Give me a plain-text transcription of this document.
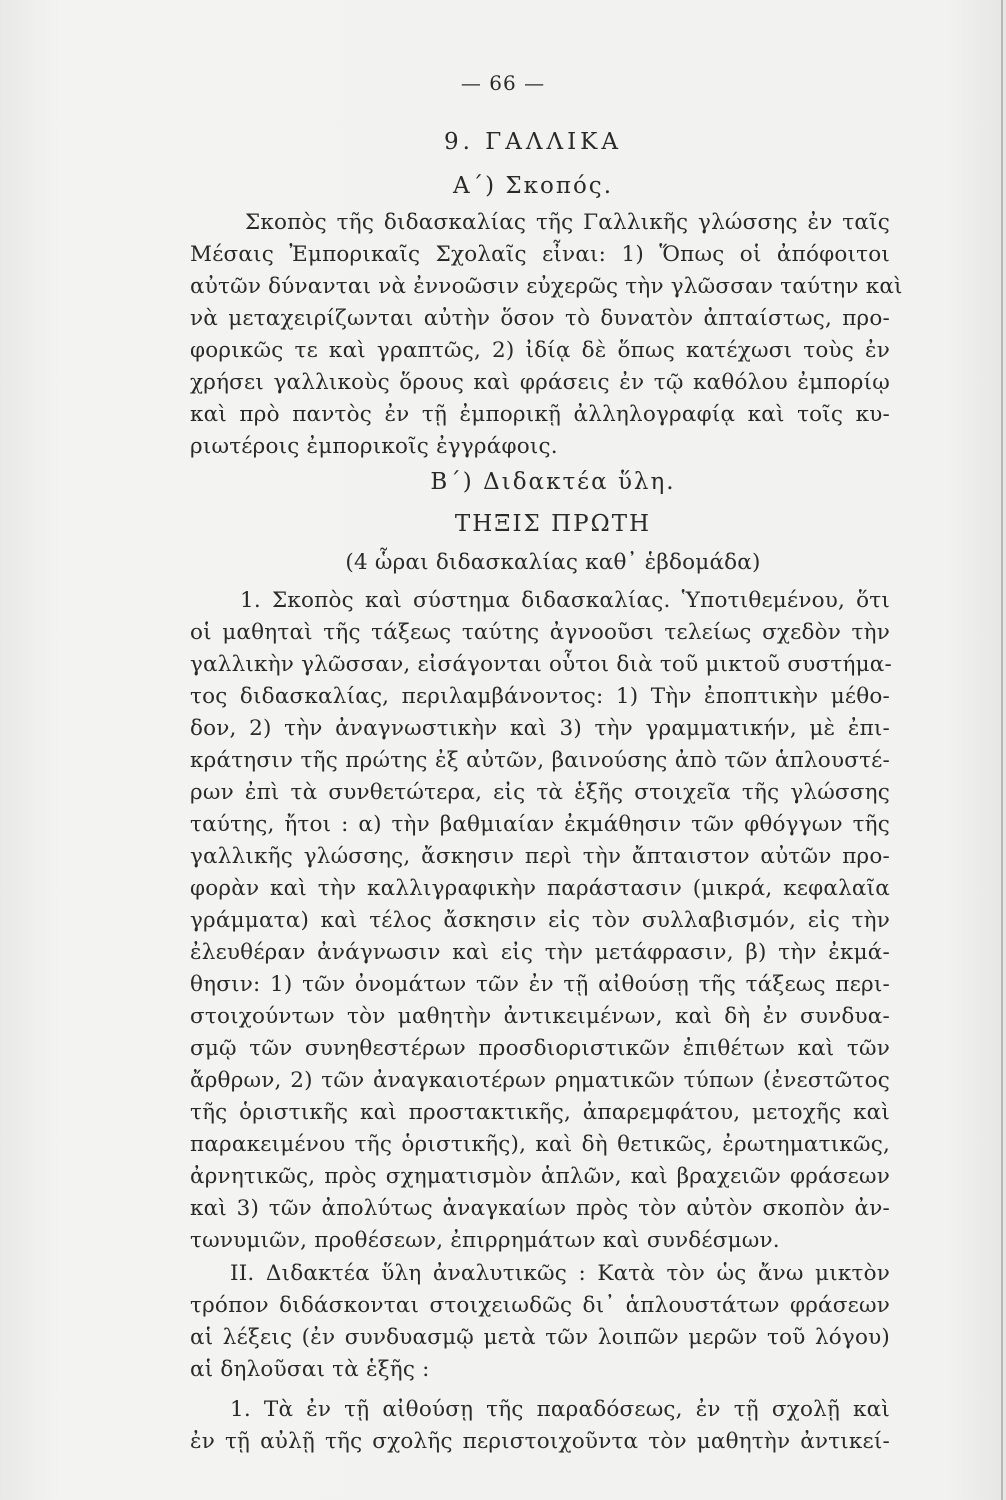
— 66 —

9. ΓΑΛΛΙΚΑ

Α΄) Σκοπός.

Σκοπὸς τῆς διδασκαλίας τῆς Γαλλικῆς γλώσσης ἐν ταῖς

Μέσαις Ἐμπορικαῖς Σχολαῖς εἶναι: 1) Ὅπως οἱ ἀπόφοιτοι

αὐτῶν δύνανται νὰ ἐννοῶσιν εὐχερῶς τὴν γλῶσσαν ταύτην καὶ

νὰ μεταχειρίζωνται αὐτὴν ὅσον τὸ δυνατὸν ἀπταίστως, προ-

φορικῶς τε καὶ γραπτῶς, 2) ἰδίᾳ δὲ ὅπως κατέχωσι τοὺς ἐν

χρήσει γαλλικοὺς ὅρους καὶ φράσεις ἐν τῷ καθόλου ἐμπορίῳ

καὶ πρὸ παντὸς ἐν τῇ ἐμπορικῇ ἀλληλογραφίᾳ καὶ τοῖς κυ-

ριωτέροις ἐμπορικοῖς ἐγγράφοις.

Β΄) Διδακτέα ὕλη.

ΤΗΞΙΣ ΠΡΩΤΗ

(4 ὧραι διδασκαλίας καθ᾽ ἑβδομάδα)

1. Σκοπὸς καὶ σύστημα διδασκαλίας. Ὑποτιθεμένου, ὅτι

οἱ μαθηταὶ τῆς τάξεως ταύτης ἀγνοοῦσι τελείως σχεδὸν τὴν

γαλλικὴν γλῶσσαν, εἰσάγονται οὗτοι διὰ τοῦ μικτοῦ συστήμα-

τος διδασκαλίας, περιλαμβάνοντος: 1) Τὴν ἐποπτικὴν μέθο-

δον, 2) τὴν ἀναγνωστικὴν καὶ 3) τὴν γραμματικήν, μὲ ἐπι-

κράτησιν τῆς πρώτης ἐξ αὐτῶν, βαινούσης ἀπὸ τῶν ἁπλουστέ-

ρων ἐπὶ τὰ συνθετώτερα, εἰς τὰ ἑξῆς στοιχεῖα τῆς γλώσσης

ταύτης, ἤτοι : α) τὴν βαθμιαίαν ἐκμάθησιν τῶν φθόγγων τῆς

γαλλικῆς γλώσσης, ἄσκησιν περὶ τὴν ἄπταιστον αὐτῶν προ-

φορὰν καὶ τὴν καλλιγραφικὴν παράστασιν (μικρά, κεφαλαῖα

γράμματα) καὶ τέλος ἄσκησιν εἰς τὸν συλλαβισμόν, εἰς τὴν

ἐλευθέραν ἀνάγνωσιν καὶ εἰς τὴν μετάφρασιν, β) τὴν ἐκμά-

θησιν: 1) τῶν ὀνομάτων τῶν ἐν τῇ αἰθούσῃ τῆς τάξεως περι-

στοιχούντων τὸν μαθητὴν ἀντικειμένων, καὶ δὴ ἐν συνδυα-

σμῷ τῶν συνηθεστέρων προσδιοριστικῶν ἐπιθέτων καὶ τῶν

ἄρθρων, 2) τῶν ἀναγκαιοτέρων ρηματικῶν τύπων (ἐνεστῶτος

τῆς ὁριστικῆς καὶ προστακτικῆς, ἀπαρεμφάτου, μετοχῆς καὶ

παρακειμένου τῆς ὁριστικῆς), καὶ δὴ θετικῶς, ἐρωτηματικῶς,

ἀρνητικῶς, πρὸς σχηματισμὸν ἁπλῶν, καὶ βραχειῶν φράσεων

καὶ 3) τῶν ἀπολύτως ἀναγκαίων πρὸς τὸν αὐτὸν σκοπὸν ἀν-

τωνυμιῶν, προθέσεων, ἐπιρρημάτων καὶ συνδέσμων.

ΙΙ. Διδακτέα ὕλη ἀναλυτικῶς : Κατὰ τὸν ὡς ἄνω μικτὸν

τρόπον διδάσκονται στοιχειωδῶς δι᾽ ἁπλουστάτων φράσεων

αἱ λέξεις (ἐν συνδυασμῷ μετὰ τῶν λοιπῶν μερῶν τοῦ λόγου)

αἱ δηλοῦσαι τὰ ἑξῆς :

1. Τὰ ἐν τῇ αἰθούσῃ τῆς παραδόσεως, ἐν τῇ σχολῇ καὶ

ἐν τῇ αὐλῇ τῆς σχολῆς περιστοιχοῦντα τὸν μαθητὴν ἀντικεί-
